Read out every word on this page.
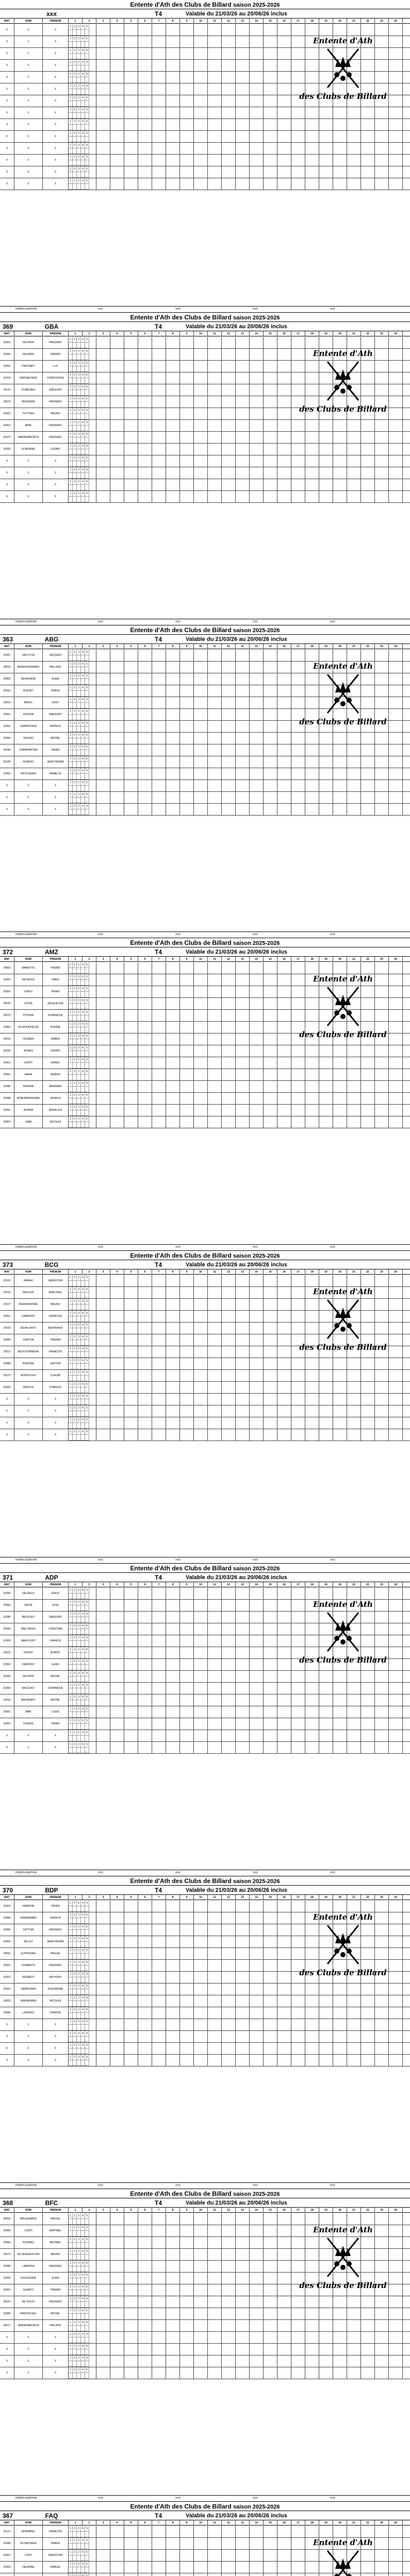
Entente d'Ath des Clubs de Billard saison 2025-2026
xxx	T4	Valable du 21/03/26 au 20/06/26 inclus
MAT	NOM	PRENOM	1	2	3	4	5	6	7	8	9	10	11	12	13	14	15	16	17	18	19	20	21	22	23	24
X	X	X
1	2	3	4	5
X	X	X
1	2	3	4	5
X	X	X
1	2	3	4	5
X	X	X
1	2	3	4	5
X	X	X
1	2	3	4	5
X	X	X
1	2	3	4	5
X	X	X
1	2	3	4	5
X	X	X
1	2	3	4	5
X	X	X
1	2	3	4	5
X	X	X
1	2	3	4	5
X	X	X
1	2	3	4	5
X	X	X
1	2	3	4	5
X	X	X
1	2	3	4	5
X	X	X
1	2	3	4	5
Entente d'Ath
des Clubs de Billard
HOMOLOGATION	XXX	XXX	XXX	XXX
Entente d'Ath des Clubs de Billard saison 2025-2026
369	GBA	T4	Valable du 21/03/26 au 20/06/26 inclus
MAT	NOM	PRENOM	1	2	3	4	5	6	7	8	9	10	11	12	13	14	15	16	17	18	19	20	21	22	23	24
20301	DELHAYE	FREDERIC
1	2	3	4	5
20062	DELHAYE	THIERRY
1	2	3	4	5
20061	PINCHART	LUC
1	2	3	4	5
20703	DEPRAETERE	CHRISTOPHE
1	2	3	4	5
20141	DUMENIEU	GREGORY
1	2	3	4	5
20075	MESSIERE	FREDERIC
1	2	3	4	5
20301	TUYTENS	BRUNO
1	2	3	4	5
20421	MINE	FREDERIC
1	2	3	4	5
20373	VANDENBROECK	FREDERIC
1	2	3	4	5
20330	SCHEIRIKE	CEDRIC
1	2	3	4	5
X	X	X
1	2	3	4	5
X	X	X
1	2	3	4	5
X	X	X
1	2	3	4	5
X	X	X
1	2	3	4	5
Entente d'Ath
des Clubs de Billard
HOMOLOGATION	XXX	XXX	XXX	XXX
Entente d'Ath des Clubs de Billard saison 2025-2026
363	ABG	T4	Valable du 21/03/26 au 20/06/26 inclus
MAT	NOM	PRENOM	1	2	3	4	5	6	7	8	9	10	11	12	13	14	15	16	17	18	19	20	21	22	23	24
20067	VAN VYVE	JACQUES
1	2	3	4	5
20023	BRANCHESMANO	BALLADE
1	2	3	4	5
20802	DEGRUNDE	ALAIN
1	2	3	4	5
20931	DUCRET	HERVE
1	2	3	4	5
20810	BREUL	EDDY
1	2	3	4	5
20661	HUSTER	GREGORY
1	2	3	4	5
20061	CARPENTIER	PATRICK
1	2	3	4	5
20360	SAUVEZ	MICHEL
1	2	3	4	5
20240	CHARPENTIER	SINIER
1	2	3	4	5
20100	ALBIERS	JEAN-PIERRE
1	2	3	4	5
20353	NICOLAIZEN	RAMELTE
1	2	3	4	5
X	X	X
1	2	3	4	5
X	X	X
1	2	3	4	5
X	X	X
1	2	3	4	5
Entente d'Ath
des Clubs de Billard
HOMOLOGATION	XXX	XXX	XXX	XXX
Entente d'Ath des Clubs de Billard saison 2025-2026
372	AMZ	T4	Valable du 21/03/26 au 20/06/26 inclus
MAT	NOM	PRENOM	1	2	3	4	5	6	7	8	9	10	11	12	13	14	15	16	17	18	19	20	21	22	23	24
20802	MAIRETTE	PIERRE
1	2	3	4	5
20061	DETROOZ	FABIO
1	2	3	4	5
20062	LEROY	HENRI
1	2	3	4	5
20010	JOSSE	JACQUELINE
1	2	3	4	5
20075	POTHER	DOMINIQUE
1	2	3	4	5
20802	DE MOUEHECKE	RONNIE
1	2	3	4	5
20012	HOUBEN	FABIEN
1	2	3	4	5
20230	AYNIES	CEDRIC
1	2	3	4	5
20361	LEROY	DANIEL
1	2	3	4	5
20061	WARA	JEREMY
1	2	3	4	5
20080	PASNOE	BERNARD
1	2	3	4	5
20088	BOBERMONGIARE	MONICA
1	2	3	4	5
20081	AUPIAR	ANGELICA
1	2	3	4	5
20802	LEBB	NICOLAS
1	2	3	4	5
Entente d'Ath
des Clubs de Billard
HOMOLOGATION	XXX	XXX	XXX	XXX
Entente d'Ath des Clubs de Billard saison 2025-2026
373	BCG	T4	Valable du 21/03/26 au 20/06/26 inclus
MAT	NOM	PRENOM	1	2	3	4	5	6	7	8	9	10	11	12	13	14	15	16	17	18	19	20	21	22	23	24
20103	MAHAU	SEBASTIEN
1	2	3	4	5
20019	MACOUX	JEAN-PAUL
1	2	3	4	5
20107	PENDOMMORE	BRUNO
1	2	3	4	5
20061	CAMPIGNY	FRANCOIS
1	2	3	4	5
20160	DEVALONTIT	BERTRAND
1	2	3	4	5
20082	CARTON	THIERRY
1	2	3	4	5
20012	BOUCHONNIERE	FRANCOIS
1	2	3	4	5
20080	BORONE	GASTON
1	2	3	4	5
20273	BOUFFIOUX	CLAUDE
1	2	3	4	5
20265	DEBLICK	CHARLES
1	2	3	4	5
X	X	X
1	2	3	4	5
X	X	X
1	2	3	4	5
X	X	X
1	2	3	4	5
X	X	X
1	2	3	4	5
Entente d'Ath
des Clubs de Billard
HOMOLOGATION	XXX	XXX	XXX	XXX
Entente d'Ath des Clubs de Billard saison 2025-2026
371	ADP	T4	Valable du 21/03/26 au 20/06/26 inclus
MAT	NOM	PRENOM	1	2	3	4	5	6	7	8	9	10	11	12	13	14	15	16	17	18	19	20	21	22	23	24
20295	DELREUX	ERICK
1	2	3	4	5
20082	NICHE	JOSE
1	2	3	4	5
20280	BRUGUET	GREGORY
1	2	3	4	5
20092	BIEZ MOOS	CHRISTIAN
1	2	3	4	5
20305	MARCHUDT	FRANCIS
1	2	3	4	5
20013	CAUDIT	ALBERT
1	2	3	4	5
20360	DEPROST	ALAIN
1	2	3	4	5
20303	DECOPPI	MICHEL
1	2	3	4	5
20350	MACQUET	DOMINIQUE
1	2	3	4	5
20015	BAUDRANT	MICHEL
1	2	3	4	5
20061	MAR	LOUIS
1	2	3	4	5
20057	STEENS	HENRI
1	2	3	4	5
X	X	X
1	2	3	4	5
X	X	X
1	2	3	4	5
Entente d'Ath
des Clubs de Billard
HOMOLOGATION	XXX	XXX	XXX	XXX
Entente d'Ath des Clubs de Billard saison 2025-2026
370	BDP	T4	Valable du 21/03/26 au 20/06/26 inclus
MAT	NOM	PRENOM	1	2	3	4	5	6	7	8	9	10	11	12	13	14	15	16	17	18	19	20	21	22	23	24
20303	HANRION	DIDIER
1	2	3	4	5
20080	VANDERMEN	FRANCIS
1	2	3	4	5
20082	CATTOIR	FREDERIC
1	2	3	4	5
20303	MILLET	JEAN-PIERRE
1	2	3	4	5
20031	LETROSSIEL	PASCAL
1	2	3	4	5
20061	LENAERTS	FREDERIC
1	2	3	4	5
20063	DESMEDT	ANTHONY
1	2	3	4	5
20201	TAMBOURIN	ALEXANDRE
1	2	3	4	5
20023	VANDERMEN	NICOLAS
1	2	3	4	5
20080	LAURENT	CHANTAL
1	2	3	4	5
X	X	X
1	2	3	4	5
X	X	X
1	2	3	4	5
X	X	X
1	2	3	4	5
X	X	X
1	2	3	4	5
Entente d'Ath
des Clubs de Billard
HOMOLOGATION	XXX	XXX	XXX	XXX
Entente d'Ath des Clubs de Billard saison 2025-2026
368	BFC	T4	Valable du 21/03/26 au 20/06/26 inclus
MAT	NOM	PRENOM	1	2	3	4	5	6	7	8	9	10	11	12	13	14	15	16	17	18	19	20	21	22	23	24
20023	BRUCKMANS	PASCAL
1	2	3	4	5
20060	CONTI	RAPHAEL
1	2	3	4	5
20063	POURIEZ	MICHAEL
1	2	3	4	5
20073	DE MOREEFEYER	BRUNO
1	2	3	4	5
20080	LAMPENS	FREDERIC
1	2	3	4	5
20062	DOUSSIGNE	ALAIN
1	2	3	4	5
20021	GUARTZ	THIERRY
1	2	3	4	5
20023	DE VOLKY	FREDERIC
1	2	3	4	5
20380	VANSTECKEL	MICHEL
1	2	3	4	5
20071	VANDENBROECK	PHILIPPE
1	2	3	4	5
X	X	X
1	2	3	4	5
X	X	X
1	2	3	4	5
X	X	X
1	2	3	4	5
X	X	X
1	2	3	4	5
Entente d'Ath
des Clubs de Billard
HOMOLOGATION	XXX	XXX	XXX	XXX
Entente d'Ath des Clubs de Billard saison 2025-2026
367	FAQ	T4	Valable du 21/03/26 au 20/06/26 inclus
MAT	NOM	PRENOM	1	2	3	4	5	6	7	8	9	10	11	12	13	14	15	16	17	18	19	20	21	22	23	24
20121	DEWIMPEL	FRANCOIS
1	2	3	4	5
20088	DE BACKERE	FABIEN
1	2	3	4	5
20367	CURY	SEBASTIEN
1	2	3	4	5
20303	DELANNE	SAMUEL
1	2	3	4	5
1	2	3	4	5
Entente d'Ath
